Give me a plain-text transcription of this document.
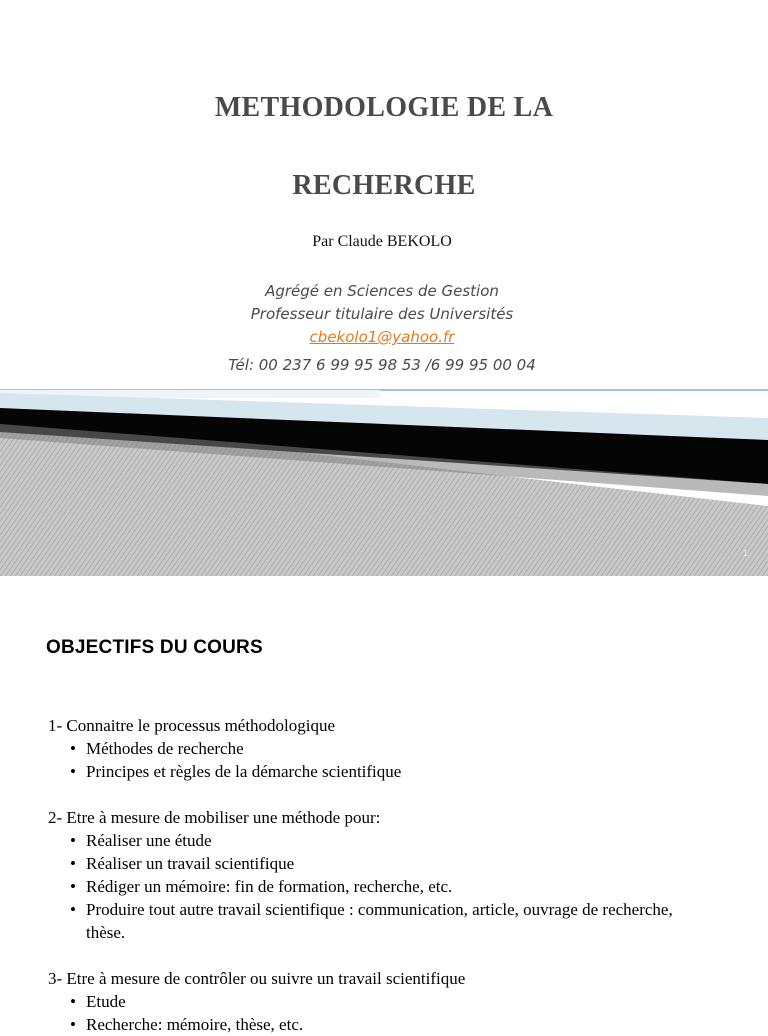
METHODOLOGIE DE LA
RECHERCHE
Par Claude BEKOLO
Agrégé en Sciences de Gestion
Professeur titulaire des Universités
cbekolo1@yahoo.fr
Tél: 00 237 6 99 95 98 53 /6 99 95 00 04
1
OBJECTIFS DU COURS
1- Connaitre le processus méthodologique
• Méthodes de recherche
• Principes et règles de la démarche scientifique
2- Etre à mesure de mobiliser une méthode pour:
• Réaliser une étude
• Réaliser un travail scientifique
• Rédiger un mémoire: fin de formation, recherche, etc.
• Produire tout autre travail scientifique : communication, article, ouvrage de recherche, thèse.
3- Etre à mesure de contrôler ou suivre un travail scientifique
• Etude
• Recherche: mémoire, thèse, etc.
